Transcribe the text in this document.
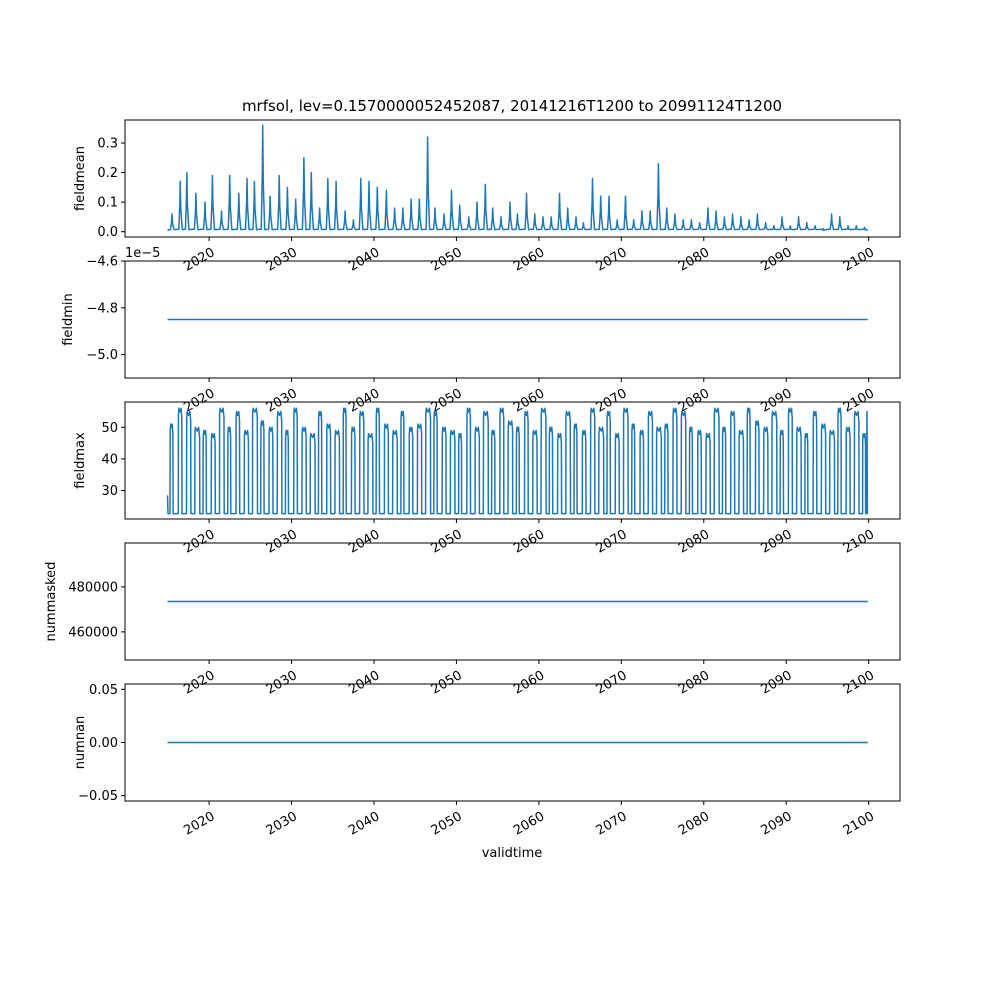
mrfsol, lev=0.1570000052452087, 20141216T1200 to 20991124T1200
0.0
0.1
0.2
0.3
2020	2030	2040	2050	2060	2070	2080	2090	2100
fieldmean
−4.6
−4.8
−5.0
2020	2030	2040	2050	2060	2070	2080	2090	2100
fieldmin
1e−5
30
40
50
2020	2030	2040	2050	2060	2070	2080	2090	2100
fieldmax
460000
480000
2020	2030	2040	2050	2060	2070	2080	2090	2100
nummasked
0.05
0.00
−0.05
2020	2030	2040	2050	2060	2070	2080	2090	2100
numnan
validtime
